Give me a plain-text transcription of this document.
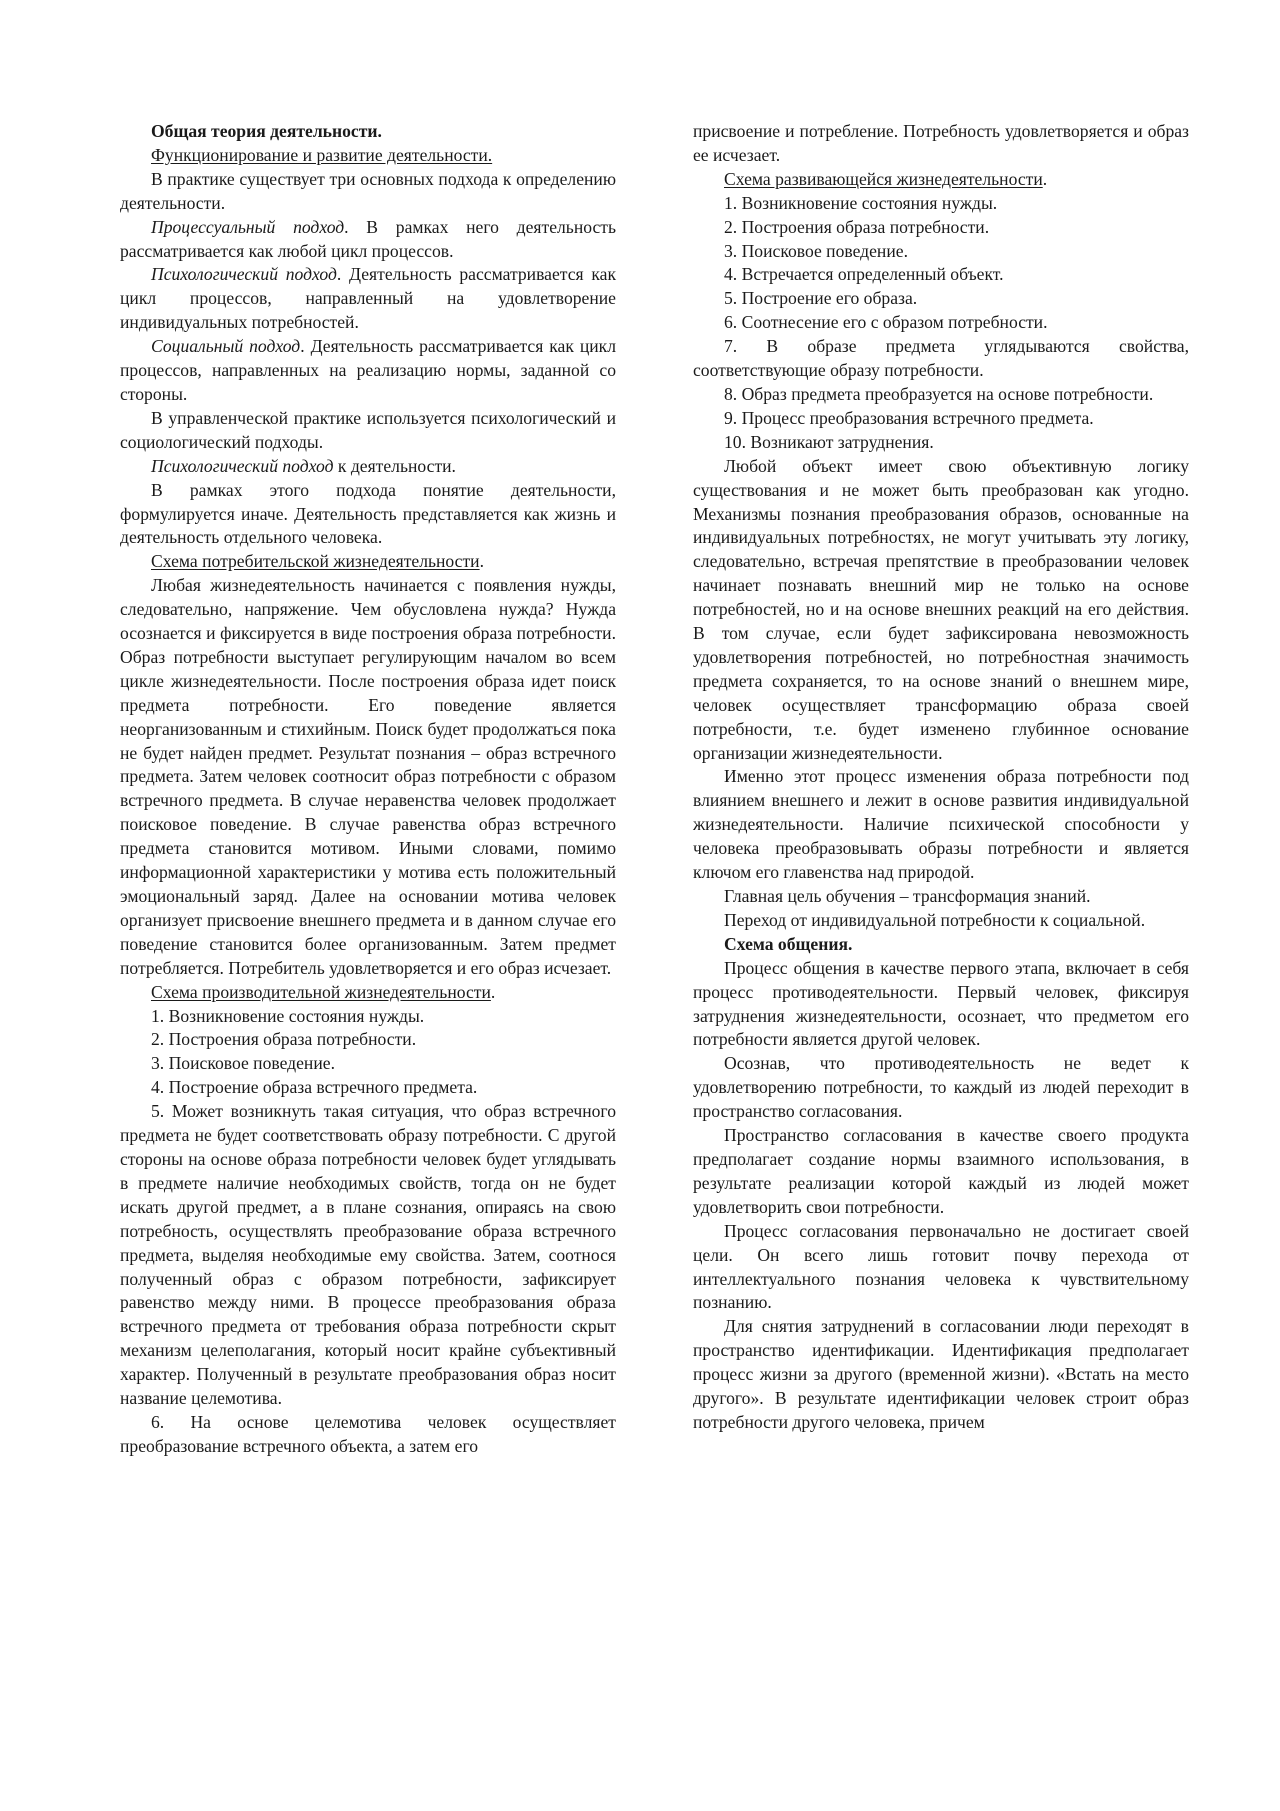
Общая теория деятельности.

Функционирование и развитие деятельности.

В практике существует три основных подхода к определению деятельности.

Процессуальный подход. В рамках него деятельность рассматривается как любой цикл процессов.

Психологический подход. Деятельность рассматривается как цикл процессов, направленный на удовлетворение индивидуальных потребностей.

Социальный подход. Деятельность рассматривается как цикл процессов, направленных на реализацию нормы, заданной со стороны.

В управленческой практике используется психологический и социологический подходы.

Психологический подход к деятельности.

В рамках этого подхода понятие деятельности, формулируется иначе. Деятельность представляется как жизнь и деятельность отдельного человека.

Схема потребительской жизнедеятельности.

Любая жизнедеятельность начинается с появления нужды, следовательно, напряжение. Чем обусловлена нужда? Нужда осознается и фиксируется в виде построения образа потребности. Образ потребности выступает регулирующим началом во всем цикле жизнедеятельности. После построения образа идет поиск предмета потребности. Его поведение является неорганизованным и стихийным. Поиск будет продолжаться пока не будет найден предмет. Результат познания – образ встречного предмета. Затем человек соотносит образ потребности с образом встречного предмета. В случае неравенства человек продолжает поисковое поведение. В случае равенства образ встречного предмета становится мотивом. Иными словами, помимо информационной характеристики у мотива есть положительный эмоциональный заряд. Далее на основании мотива человек организует присвоение внешнего предмета и в данном случае его поведение становится более организованным. Затем предмет потребляется. Потребитель удовлетворяется и его образ исчезает.

Схема производительной жизнедеятельности.

1. Возникновение состояния нужды.

2. Построения образа потребности.

3. Поисковое поведение.

4. Построение образа встречного предмета.

5. Может возникнуть такая ситуация, что образ встречного предмета не будет соответствовать образу потребности. С другой стороны на основе образа потребности человек будет углядывать в предмете наличие необходимых свойств, тогда он не будет искать другой предмет, а в плане сознания, опираясь на свою потребность, осуществлять преобразование образа встречного предмета, выделяя необходимые ему свойства. Затем, соотнося полученный образ с образом потребности, зафиксирует равенство между ними. В процессе преобразования образа встречного предмета от требования образа потребности скрыт механизм целеполагания, который носит крайне субъективный характер. Полученный в результате преобразования образ носит название целемотива.

6. На основе целемотива человек осуществляет преобразование встречного объекта, а затем его

присвоение и потребление. Потребность удовлетворяется и образ ее исчезает.

Схема развивающейся жизнедеятельности.

1. Возникновение состояния нужды.

2. Построения образа потребности.

3. Поисковое поведение.

4. Встречается определенный объект.

5. Построение его образа.

6. Соотнесение его с образом потребности.

7. В образе предмета углядываются свойства, соответствующие образу потребности.

8. Образ предмета преобразуется на основе потребности.

9. Процесс преобразования встречного предмета.

10. Возникают затруднения.

Любой объект имеет свою объективную логику существования и не может быть преобразован как угодно. Механизмы познания преобразования образов, основанные на индивидуальных потребностях, не могут учитывать эту логику, следовательно, встречая препятствие в преобразовании человек начинает познавать внешний мир не только на основе потребностей, но и на основе внешних реакций на его действия. В том случае, если будет зафиксирована невозможность удовлетворения потребностей, но потребностная значимость предмета сохраняется, то на основе знаний о внешнем мире, человек осуществляет трансформацию образа своей потребности, т.е. будет изменено глубинное основание организации жизнедеятельности.

Именно этот процесс изменения образа потребности под влиянием внешнего и лежит в основе развития индивидуальной жизнедеятельности. Наличие психической способности у человека преобразовывать образы потребности и является ключом его главенства над природой.

Главная цель обучения – трансформация знаний.

Переход от индивидуальной потребности к социальной.

Схема общения.

Процесс общения в качестве первого этапа, включает в себя процесс противодеятельности. Первый человек, фиксируя затруднения жизнедеятельности, осознает, что предметом его потребности является другой человек.

Осознав, что противодеятельность не ведет к удовлетворению потребности, то каждый из людей переходит в пространство согласования.

Пространство согласования в качестве своего продукта предполагает создание нормы взаимного использования, в результате реализации которой каждый из людей может удовлетворить свои потребности.

Процесс согласования первоначально не достигает своей цели. Он всего лишь готовит почву перехода от интеллектуального познания человека к чувствительному познанию.

Для снятия затруднений в согласовании люди переходят в пространство идентификации. Идентификация предполагает процесс жизни за другого (временной жизни). «Встать на место другого». В результате идентификации человек строит образ потребности другого человека, причем
